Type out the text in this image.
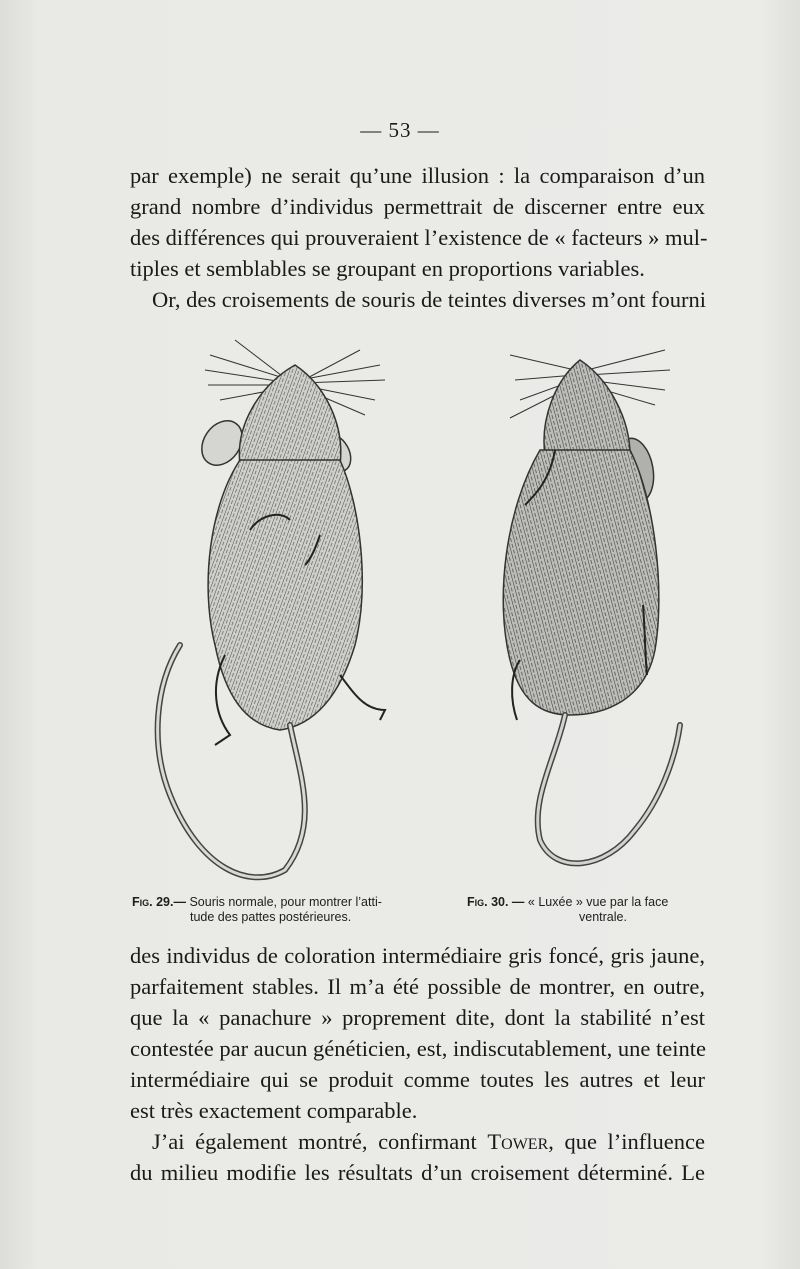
— 53 —

par exemple) ne serait qu’une illusion : la comparaison d’un
grand nombre d’individus permettrait de discerner entre eux
des différences qui prouveraient l’existence de « facteurs » mul-
tiples et semblables se groupant en proportions variables.
Or, des croisements de souris de teintes diverses m’ont fourni

Fig. 29.— Souris normale, pour montrer l’atti-
tude des pattes postérieures.
Fig. 30. — « Luxée » vue par la face
ventrale.

des individus de coloration intermédiaire gris foncé, gris jaune,
parfaitement stables. Il m’a été possible de montrer, en outre,
que la « panachure » proprement dite, dont la stabilité n’est
contestée par aucun généticien, est, indiscutablement, une teinte
intermédiaire qui se produit comme toutes les autres et leur
est très exactement comparable.
J’ai également montré, confirmant Tower, que l’influence
du milieu modifie les résultats d’un croisement déterminé. Le
